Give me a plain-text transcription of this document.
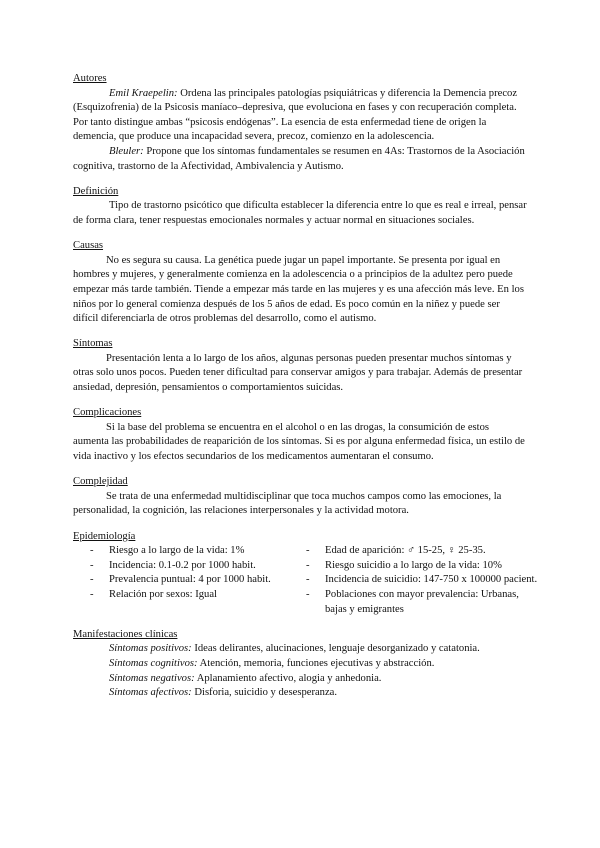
Autores

Emil Kraepelin: Ordena las principales patologías psiquiátricas y diferencia la Demencia precoz (Esquizofrenia) de la Psicosis maníaco–depresiva, que evoluciona en fases y con recuperación completa. Por tanto distingue ambas “psicosis endógenas”. La esencia de esta enfermedad tiene de origen la demencia, que produce una incapacidad severa, precoz, comienzo en la adolescencia.

Bleuler: Propone que los síntomas fundamentales se resumen en 4As: Trastornos de la Asociación cognitiva, trastorno de la Afectividad, Ambivalencia y Autismo.

Definición

Tipo de trastorno psicótico que dificulta establecer la diferencia entre lo que es real e irreal, pensar de forma clara, tener respuestas emocionales normales y actuar normal en situaciones sociales.

Causas

No es segura su causa. La genética puede jugar un papel importante. Se presenta por igual en hombres y mujeres, y generalmente comienza en la adolescencia o a principios de la adultez pero puede empezar más tarde también. Tiende a empezar más tarde en las mujeres y es una afección más leve. En los niños por lo general comienza después de los 5 años de edad. Es poco común en la niñez y puede ser difícil diferenciarla de otros problemas del desarrollo, como el autismo.

Síntomas

Presentación lenta a lo largo de los años, algunas personas pueden presentar muchos síntomas y otras solo unos pocos. Pueden tener dificultad para conservar amigos y para trabajar. Además de presentar ansiedad, depresión, pensamientos o comportamientos suicidas.

Complicaciones

Si la base del problema se encuentra en el alcohol o en las drogas, la consumición de estos aumenta las probabilidades de reaparición de los síntomas. Si es por alguna enfermedad física, un estilo de vida inactivo y los efectos secundarios de los medicamentos aumentaran el consumo.

Complejidad

Se trata de una enfermedad multidisciplinar que toca muchos campos como las emociones, la personalidad, la cognición, las relaciones interpersonales y la actividad motora.

Epidemiología

-	Riesgo a lo largo de la vida: 1%
-	Incidencia: 0.1-0.2 por 1000 habit.
-	Prevalencia puntual: 4 por 1000 habit.
-	Relación por sexos: Igual
-	Edad de aparición: ♂ 15-25, ♀ 25-35.
-	Riesgo suicidio a lo largo de la vida: 10%
-	Incidencia de suicidio: 147-750 x 100000 pacient.
-	Poblaciones con mayor prevalencia: Urbanas, bajas y emigrantes

Manifestaciones clínicas

Síntomas positivos: Ideas delirantes, alucinaciones, lenguaje desorganizado y catatonia.

Síntomas cognitivos: Atención, memoria, funciones ejecutivas y abstracción.

Síntomas negativos: Aplanamiento afectivo, alogia y anhedonia.

Síntomas afectivos: Disforia, suicidio y desesperanza.
